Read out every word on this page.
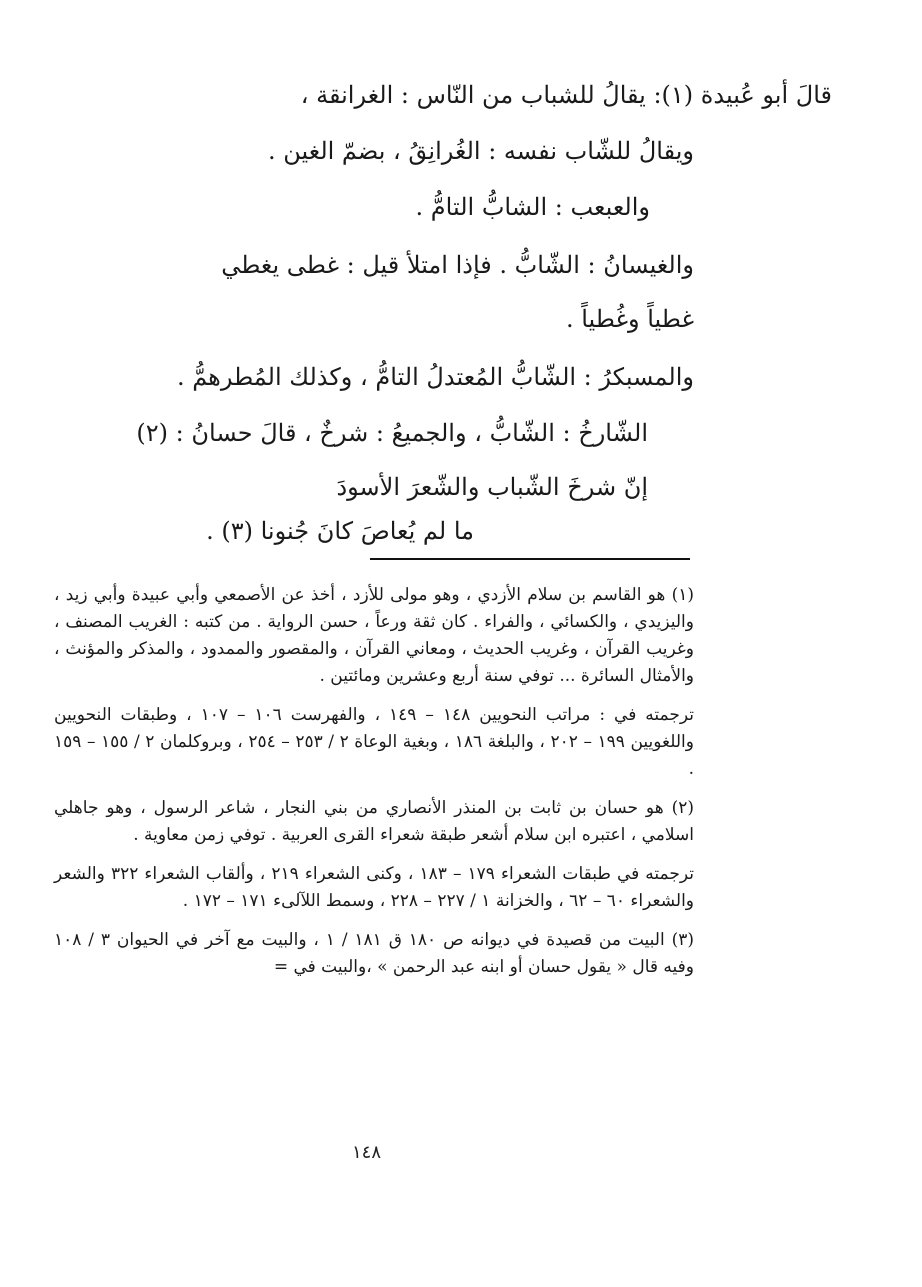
قالَ أبو عُبيدة (١): يقالُ للشباب من النّاس : الغرانقة ،
ويقالُ للشّاب نفسه : الغُرانِقُ ، بضمّ الغين .
والعبعب : الشابُّ التامُّ .
والغيسانُ : الشّابُّ . فإذا امتلأ قيل : غطى يغطي
غطياً وغُطياً .
والمسبكرُ : الشّابُّ المُعتدلُ التامُّ ، وكذلك المُطرهمُّ .
الشّارخُ : الشّابُّ ، والجميعُ : شرخٌ ، قالَ حسانُ : (٢)
إنّ شرخَ الشّباب والشّعرَ الأسودَ
ما لم يُعاصَ كانَ جُنونا (٣) .

(١) هو القاسم بن سلام الأزدي ، وهو مولى للأزد ، أخذ عن الأصمعي وأبي عبيدة وأبي زيد ، واليزيدي ، والكسائي ، والفراء . كان ثقة ورعاً ، حسن الرواية . من كتبه : الغريب المصنف ، وغريب القرآن ، وغريب الحديث ، ومعاني القرآن ، والمقصور والممدود ، والمذكر والمؤنث ، والأمثال السائرة ... توفي سنة أربع وعشرين ومائتين .

ترجمته في : مراتب النحويين ١٤٨ – ١٤٩ ، والفهرست ١٠٦ – ١٠٧ ، وطبقات النحويين واللغويين ١٩٩ – ٢٠٢ ، والبلغة ١٨٦ ، وبغية الوعاة ٢ / ٢٥٣ – ٢٥٤ ، وبروكلمان ٢ / ١٥٥ – ١٥٩ .

(٢) هو حسان بن ثابت بن المنذر الأنصاري من بني النجار ، شاعر الرسول ، وهو جاهلي اسلامي ، اعتبره ابن سلام أشعر طبقة شعراء القرى العربية . توفي زمن معاوية .

ترجمته في طبقات الشعراء ١٧٩ – ١٨٣ ، وكنى الشعراء ٢١٩ ، وألقاب الشعراء ٣٢٢ والشعر والشعراء ٦٠ – ٦٢ ، والخزانة ١ / ٢٢٧ – ٢٢٨ ، وسمط اللآلىء ١٧١ – ١٧٢ .

(٣) البيت من قصيدة في ديوانه ص ١٨٠ ق ١٨١ / ١ ، والبيت مع آخر في الحيوان ٣ / ١٠٨ وفيه قال « يقول حسان أو ابنه عبد الرحمن » ،والبيت في =

١٤٨
